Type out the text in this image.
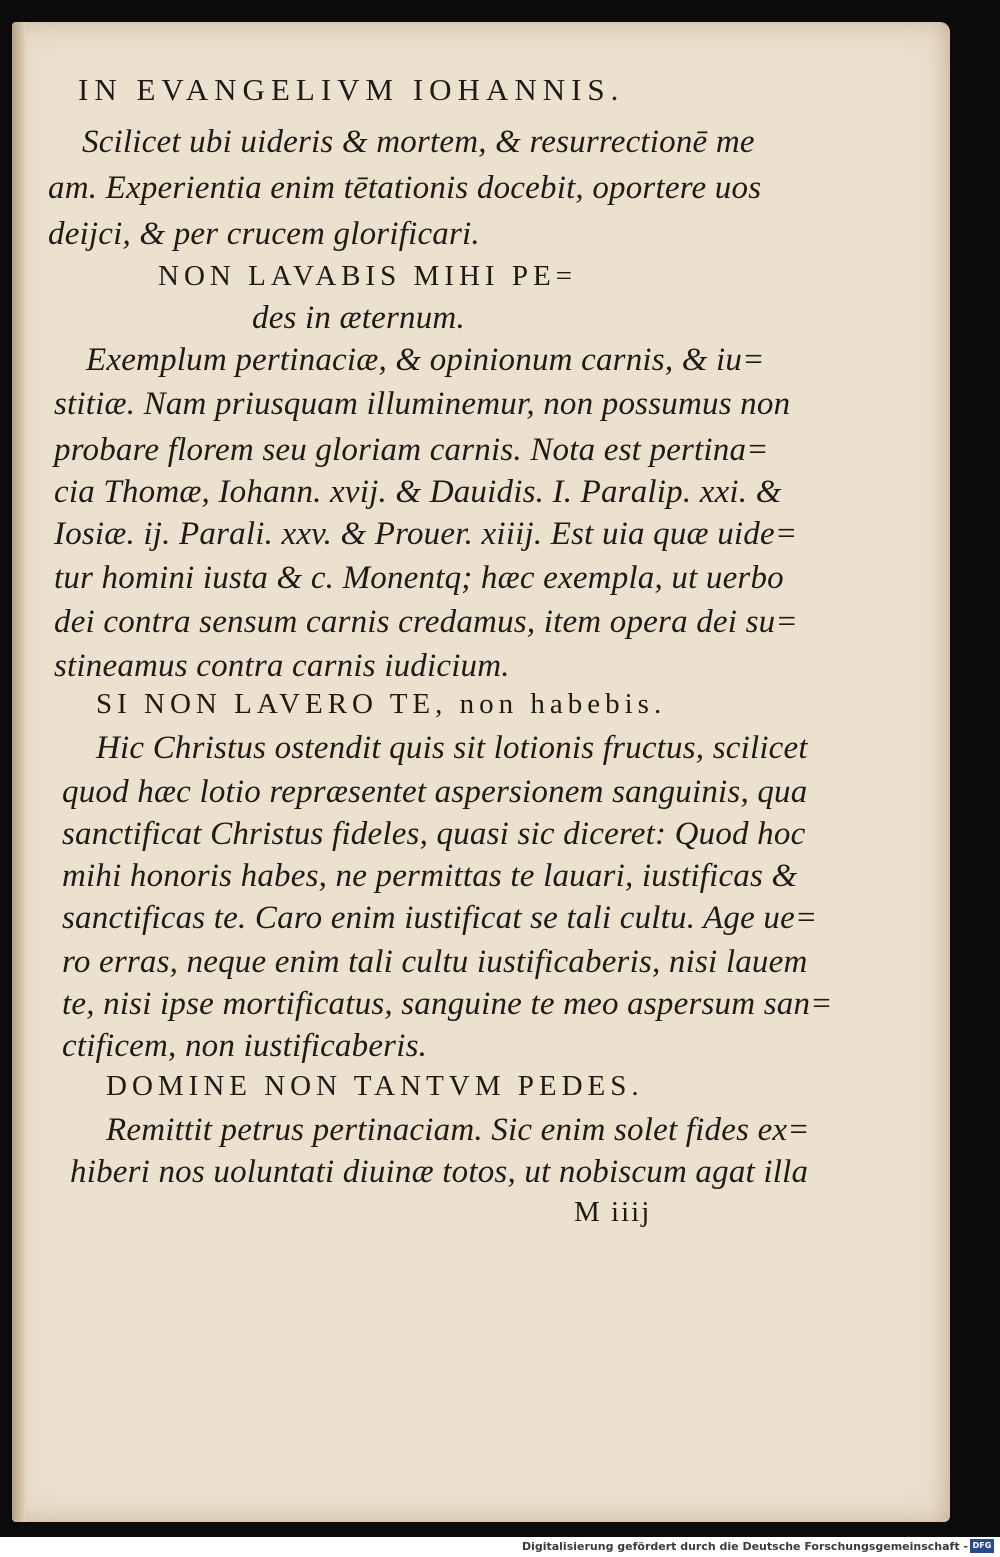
IN EVANGELIVM IOHANNIS.
Scilicet ubi uideris & mortem, & resurrectionē me
am. Experientia enim tētationis docebit, oportere uos
deijci, & per crucem glorificari.
NON LAVABIS MIHI PE=
des in æternum.
Exemplum pertinaciæ, & opinionum carnis, & iu=
stitiæ. Nam priusquam illuminemur, non possumus non
probare florem seu gloriam carnis. Nota est pertina=
cia Thomæ, Iohann. xvij. & Dauidis. I. Paralip. xxi. &
Iosiæ. ij. Parali. xxv. & Prouer. xiiij. Est uia quæ uide=
tur homini iusta & c. Monentq; hæc exempla, ut uerbo
dei contra sensum carnis credamus, item opera dei su=
stineamus contra carnis iudicium.
SI NON LAVERO TE, non habebis.
Hic Christus ostendit quis sit lotionis fructus, scilicet
quod hæc lotio repræsentet aspersionem sanguinis, qua
sanctificat Christus fideles, quasi sic diceret: Quod hoc
mihi honoris habes, ne permittas te lauari, iustificas &
sanctificas te. Caro enim iustificat se tali cultu. Age ue=
ro erras, neque enim tali cultu iustificaberis, nisi lauem
te, nisi ipse mortificatus, sanguine te meo aspersum san=
ctificem, non iustificaberis.
DOMINE NON TANTVM PEDES.
Remittit petrus pertinaciam. Sic enim solet fides ex=
hiberi nos uoluntati diuinæ totos, ut nobiscum agat illa
M iiij
Digitalisierung gefördert durch die Deutsche Forschungsgemeinschaft - DFG
